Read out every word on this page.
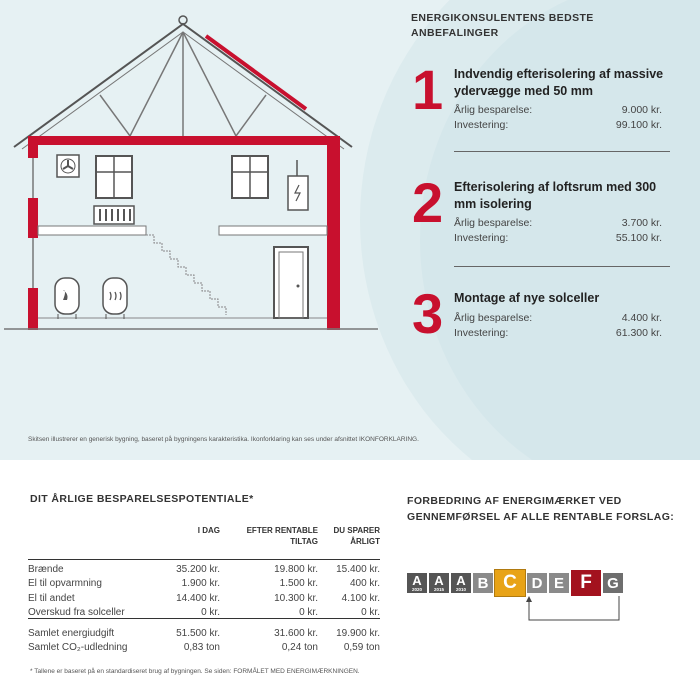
Skitsen illustrerer en generisk bygning, baseret på bygningens karakteristika. Ikonforklaring kan ses under afsnittet IKONFORKLARING.
ENERGIKONSULENTENS BEDSTE ANBEFALINGER
1 Indvendig efterisolering af massive ydervægge med 50 mm
Årlig besparelse:	9.000 kr.
Investering:	99.100 kr.
2 Efterisolering af loftsrum med 300 mm isolering
Årlig besparelse:	3.700 kr.
Investering:	55.100 kr.
3 Montage af nye solceller
Årlig besparelse:	4.400 kr.
Investering:	61.300 kr.
DIT ÅRLIGE BESPARELSESPOTENTIALE*
	I DAG	EFTER RENTABLE TILTAG	DU SPARER ÅRLIGT

Brænde	35.200 kr.	19.800 kr.	15.400 kr.
El til opvarmning	1.900 kr.	1.500 kr.	400 kr.
El til andet	14.400 kr.	10.300 kr.	4.100 kr.
Overskud fra solceller	0 kr.	0 kr.	0 kr.

Samlet energiudgift	51.500 kr.	31.600 kr.	19.900 kr.
Samlet CO₂-udledning	0,83 ton	0,24 ton	0,59 ton
* Tallene er baseret på en standardiseret brug af bygningen. Se siden: FORMÅLET MED ENERGIMÆRKNINGEN.
FORBEDRING AF ENERGIMÆRKET VED GENNEMFØRSEL AF ALLE RENTABLE FORSLAG:
A
2020
A
2015
A
2010 B C D E F	G
